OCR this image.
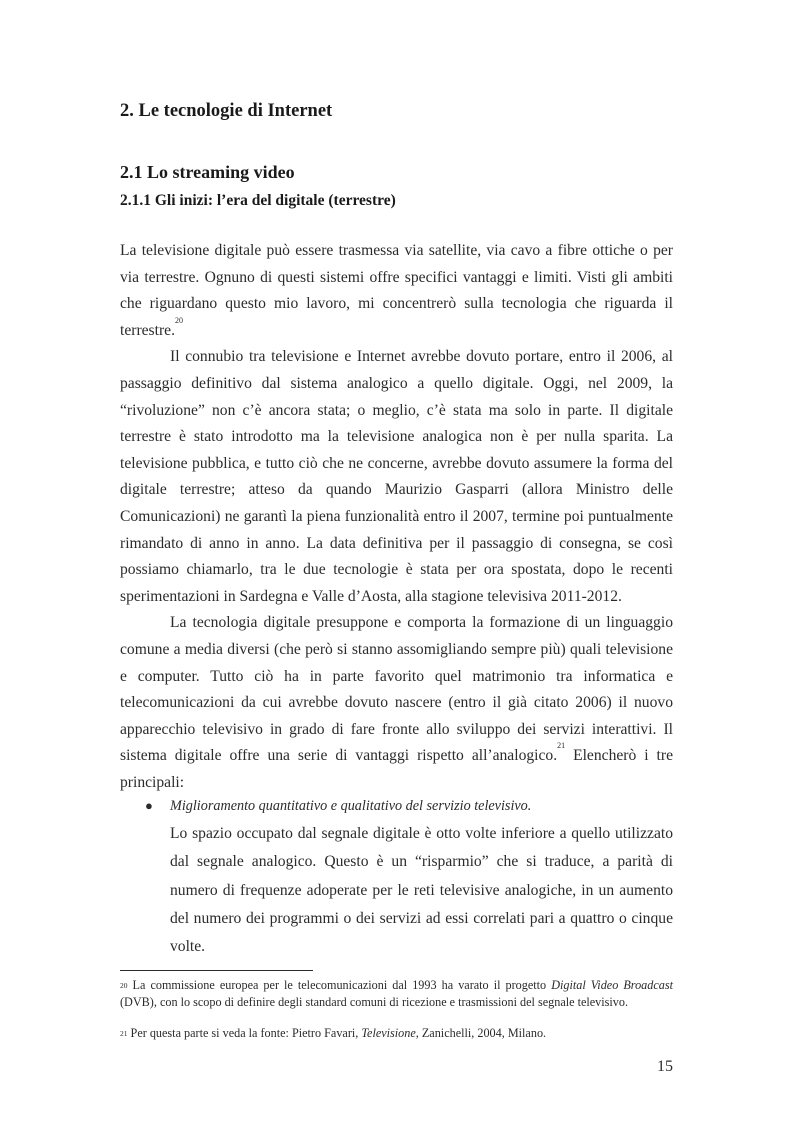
2. Le tecnologie di Internet
2.1 Lo streaming video
2.1.1 Gli inizi: l’era del digitale (terrestre)

La televisione digitale può essere trasmessa via satellite, via cavo a fibre ottiche o per via terrestre. Ognuno di questi sistemi offre specifici vantaggi e limiti. Visti gli ambiti che riguardano questo mio lavoro, mi concentrerò sulla tecnologia che riguarda il terrestre.$^{20}$

Il connubio tra televisione e Internet avrebbe dovuto portare, entro il 2006, al passaggio definitivo dal sistema analogico a quello digitale. Oggi, nel 2009, la “rivoluzione” non c’è ancora stata; o meglio, c’è stata ma solo in parte. Il digitale terrestre è stato introdotto ma la televisione analogica non è per nulla sparita. La televisione pubblica, e tutto ciò che ne concerne, avrebbe dovuto assumere la forma del digitale terrestre; atteso da quando Maurizio Gasparri (allora Ministro delle Comunicazioni) ne garantì la piena funzionalità entro il 2007, termine poi puntualmente rimandato di anno in anno. La data definitiva per il passaggio di consegna, se così possiamo chiamarlo, tra le due tecnologie è stata per ora spostata, dopo le recenti sperimentazioni in Sardegna e Valle d’Aosta, alla stagione televisiva 2011-2012.

La tecnologia digitale presuppone e comporta la formazione di un linguaggio comune a media diversi (che però si stanno assomigliando sempre più) quali televisione e computer. Tutto ciò ha in parte favorito quel matrimonio tra informatica e telecomunicazioni da cui avrebbe dovuto nascere (entro il già citato 2006) il nuovo apparecchio televisivo in grado di fare fronte allo sviluppo dei servizi interattivi. Il sistema digitale offre una serie di vantaggi rispetto all’analogico.$^{21}$ Elencherò i tre principali:

● Miglioramento quantitativo e qualitativo del servizio televisivo.
Lo spazio occupato dal segnale digitale è otto volte inferiore a quello utilizzato dal segnale analogico. Questo è un “risparmio” che si traduce, a parità di numero di frequenze adoperate per le reti televisive analogiche, in un aumento del numero dei programmi o dei servizi ad essi correlati pari a quattro o cinque volte.

$^{20}$ La commissione europea per le telecomunicazioni dal 1993 ha varato il progetto Digital Video Broadcast (DVB), con lo scopo di definire degli standard comuni di ricezione e trasmissioni del segnale televisivo.

$^{21}$ Per questa parte si veda la fonte: Pietro Favari, Televisione, Zanichelli, 2004, Milano.

15
